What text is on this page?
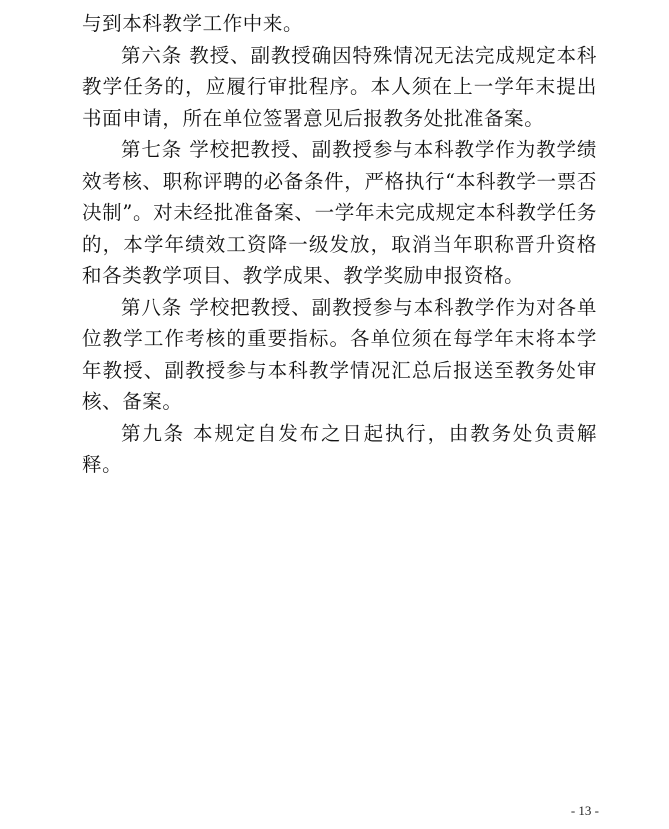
与到本科教学工作中来。

第六条 教授、副教授确因特殊情况无法完成规定本科教学任务的，应履行审批程序。本人须在上一学年末提出书面申请，所在单位签署意见后报教务处批准备案。

第七条 学校把教授、副教授参与本科教学作为教学绩效考核、职称评聘的必备条件，严格执行“本科教学一票否决制”。对未经批准备案、一学年未完成规定本科教学任务的，本学年绩效工资降一级发放，取消当年职称晋升资格和各类教学项目、教学成果、教学奖励申报资格。

第八条 学校把教授、副教授参与本科教学作为对各单位教学工作考核的重要指标。各单位须在每学年末将本学年教授、副教授参与本科教学情况汇总后报送至教务处审核、备案。

第九条 本规定自发布之日起执行，由教务处负责解释。

- 13 -
